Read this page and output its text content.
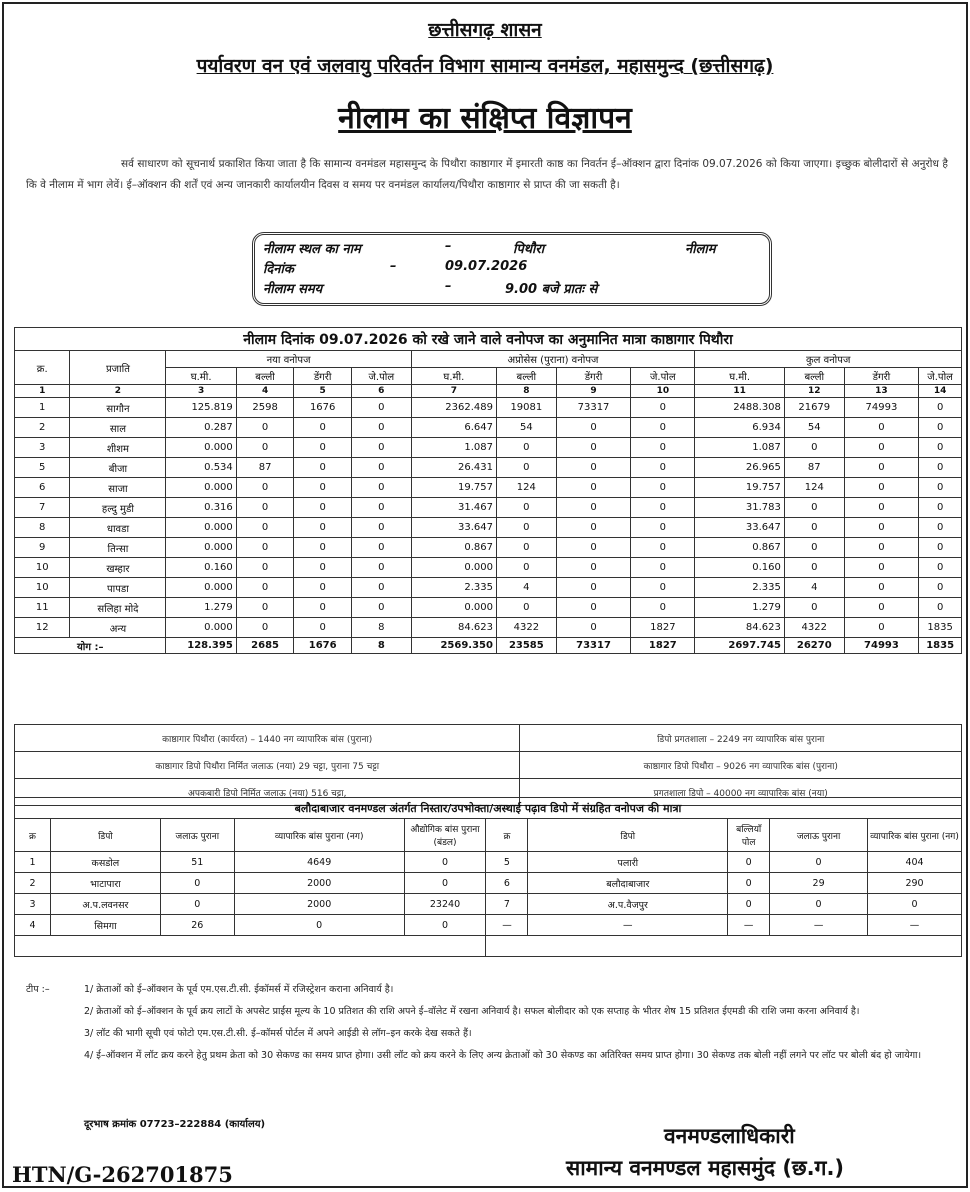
छत्तीसगढ़ शासन
पर्यावरण वन एवं जलवायु परिवर्तन विभाग सामान्य वनमंडल, महासमुन्द (छत्तीसगढ़)
नीलाम का संक्षिप्त विज्ञापन
सर्व साधारण को सूचनार्थ प्रकाशित किया जाता है कि सामान्य वनमंडल महासमुन्द के पिथौरा काष्ठागार में इमारती काष्ठ का निवर्तन ई–ऑक्शन द्वारा दिनांक 09.07.2026 को किया जाएगा। इच्छुक बोलीदारों से अनुरोध है कि वे नीलाम में भाग लेवें। ई–ऑक्शन की शर्तें एवं अन्य जानकारी कार्यालयीन दिवस व समय पर वनमंडल कार्यालय/पिथौरा काष्ठागार से प्राप्त की जा सकती है।
नीलाम स्थल का नाम	–	पिथौरा	नीलाम
दिनांक	–	09.07.2026
नीलाम समय	–	9.00 बजे प्रातः से
नीलाम दिनांक 09.07.2026 को रखे जाने वाले वनोपज का अनुमानित मात्रा काष्ठागार पिथौरा													
क्र.	प्रजाति	नया वनोपज				अप्रोसेस (पुराना) वनोपज				कुल वनोपज			
		घ.मी.	बल्ली	डेंगरी	जे.पोल	घ.मी.	बल्ली	डेंगरी	जे.पोल	घ.मी.	बल्ली	डेंगरी	जे.पोल
1	2	3	4	5	6	7	8	9	10	11	12	13	14
1	सागौन	125.819	2598	1676	0	2362.489	19081	73317	0	2488.308	21679	74993	0
2	साल	0.287	0	0	0	6.647	54	0	0	6.934	54	0	0
3	शीशम	0.000	0	0	0	1.087	0	0	0	1.087	0	0	0
5	बीजा	0.534	87	0	0	26.431	0	0	0	26.965	87	0	0
6	साजा	0.000	0	0	0	19.757	124	0	0	19.757	124	0	0
7	हल्दु मुडी	0.316	0	0	0	31.467	0	0	0	31.783	0	0	0
8	धावडा	0.000	0	0	0	33.647	0	0	0	33.647	0	0	0
9	तिन्सा	0.000	0	0	0	0.867	0	0	0	0.867	0	0	0
10	खम्हार	0.160	0	0	0	0.000	0	0	0	0.160	0	0	0
10	पापडा	0.000	0	0	0	2.335	4	0	0	2.335	4	0	0
11	सलिहा मोदे	1.279	0	0	0	0.000	0	0	0	1.279	0	0	0
12	अन्य	0.000	0	0	8	84.623	4322	0	1827	84.623	4322	0	1835
योग :–		128.395	2685	1676	8	2569.350	23585	73317	1827	2697.745	26270	74993	1835
काष्ठागार पिथौरा (कार्यरत) – 1440 नग व्यापारिक बांस (पुराना)	डिपो प्रगतशाला – 2249 नग व्यापारिक बांस पुराना
काष्ठागार डिपो पिथौरा निर्मित जलाऊ (नया) 29 चट्टा, पुराना 75 चट्टा	काष्ठागार डिपो पिथौरा – 9026 नग व्यापारिक बांस (पुराना)
अपकबारी डिपो निर्मित जलाऊ (नया) 516 चट्टा,	प्रगतशाला डिपो – 40000 नग व्यापारिक बांस (नया)
बलौदाबाजार वनमण्डल अंतर्गत निस्तार/उपभोक्ता/अस्थाई पढ़ाव डिपो में संग्रहित वनोपज की मात्रा									
क्र	डिपो	जलाऊ पुराना	व्यापारिक बांस पुराना (नग)	औद्योगिक बांस पुराना (बंडल)	क्र	डिपो	बल्लियाँ पोल	जलाऊ पुराना	व्यापारिक बांस पुराना (नग)
1	कसडोल	51	4649	0	5	पलारी	0	0	404
2	भाटापारा	0	2000	0	6	बलौदाबाजार	0	29	290
3	अ.प.लवनसर	0	2000	23240	7	अ.प.वैजपुर	0	0	0
4	सिमगा	26	0	0	—	—	—	—	—

टीप :–	1/ क्रेताओं को ई–ऑक्शन के पूर्व एम.एस.टी.सी. ईकॉमर्स में रजिस्ट्रेशन कराना अनिवार्य है।

2/ क्रेताओं को ई–ऑक्शन के पूर्व क्रय लाटों के अपसेट प्राईस मूल्य के 10 प्रतिशत की राशि अपने ई–वॉलेट में रखना अनिवार्य है। सफल बोलीदार को एक सप्ताह के भीतर शेष 15 प्रतिशत ईएमडी की राशि जमा करना अनिवार्य है।

3/ लॉट की भागी सूची एवं फोटो एम.एस.टी.सी. ई–कॉमर्स पोर्टल में अपने आईडी से लॉग–इन करके देख सकते हैं।

4/ ई–ऑक्शन में लॉट क्रय करने हेतु प्रथम क्रेता को 30 सेकण्ड का समय प्राप्त होगा। उसी लॉट को क्रय करने के लिए अन्य क्रेताओं को 30 सेकण्ड का अतिरिक्त समय प्राप्त होगा। 30 सेकण्ड तक बोली नहीं लगने पर लॉट पर बोली बंद हो जायेगा।

दूरभाष क्रमांक 07723–222884 (कार्यालय)	वनमण्डलाधिकारी
सामान्य वनमण्डल महासमुंद (छ.ग.)
HTN/G-262701875
